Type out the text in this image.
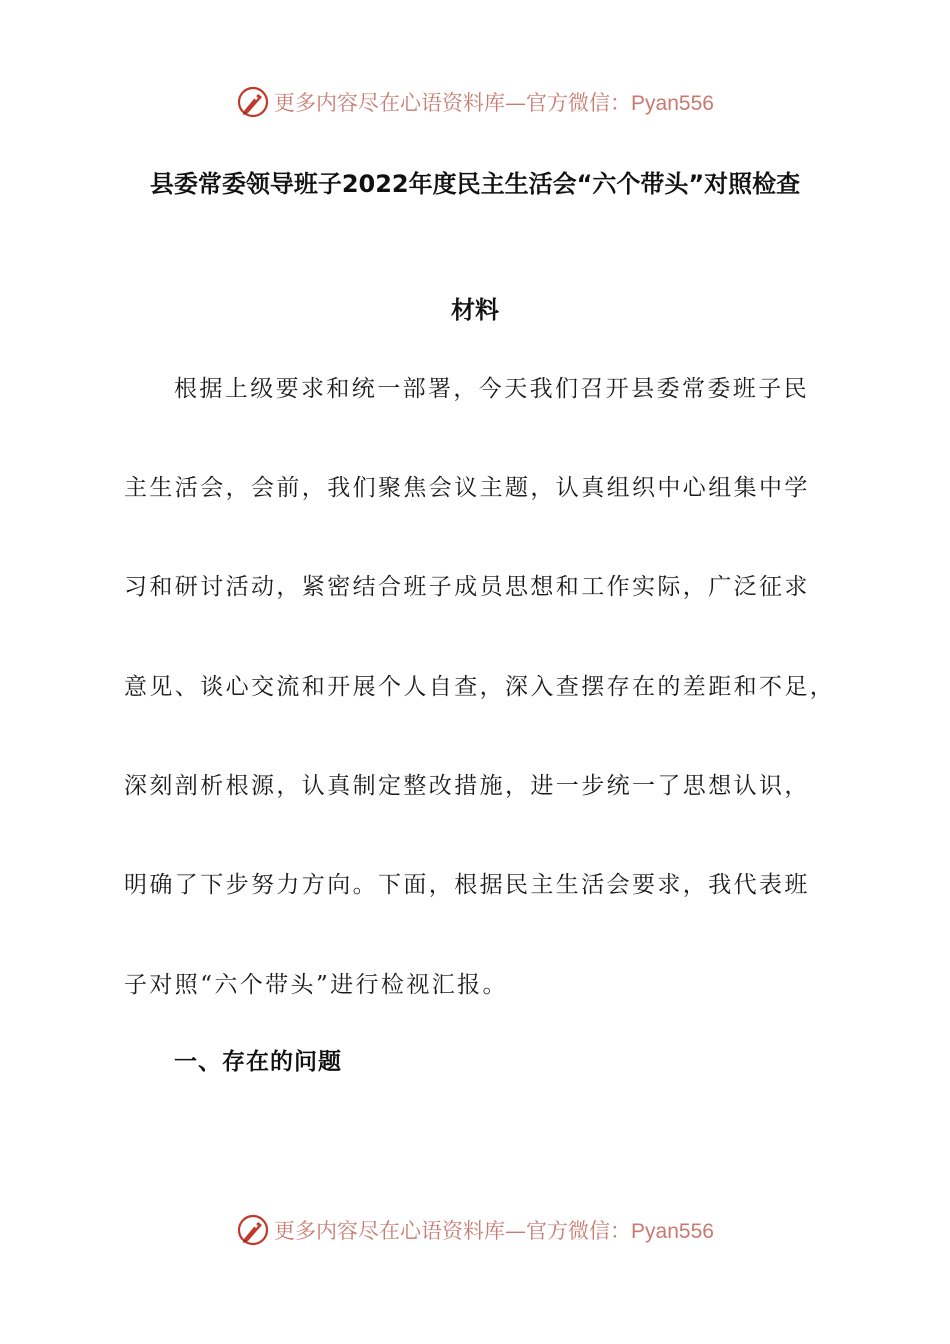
更多内容尽在心语资料库—官方微信：Pyan556
县委常委领导班子2022年度民主生活会“六个带头”对照检查
材料
根据上级要求和统一部署，今天我们召开县委常委班子民
主生活会，会前，我们聚焦会议主题，认真组织中心组集中学
习和研讨活动，紧密结合班子成员思想和工作实际，广泛征求
意见、谈心交流和开展个人自查，深入查摆存在的差距和不足，
深刻剖析根源，认真制定整改措施，进一步统一了思想认识，
明确了下步努力方向。下面，根据民主生活会要求，我代表班
子对照“六个带头”进行检视汇报。
一、存在的问题
更多内容尽在心语资料库—官方微信：Pyan556
